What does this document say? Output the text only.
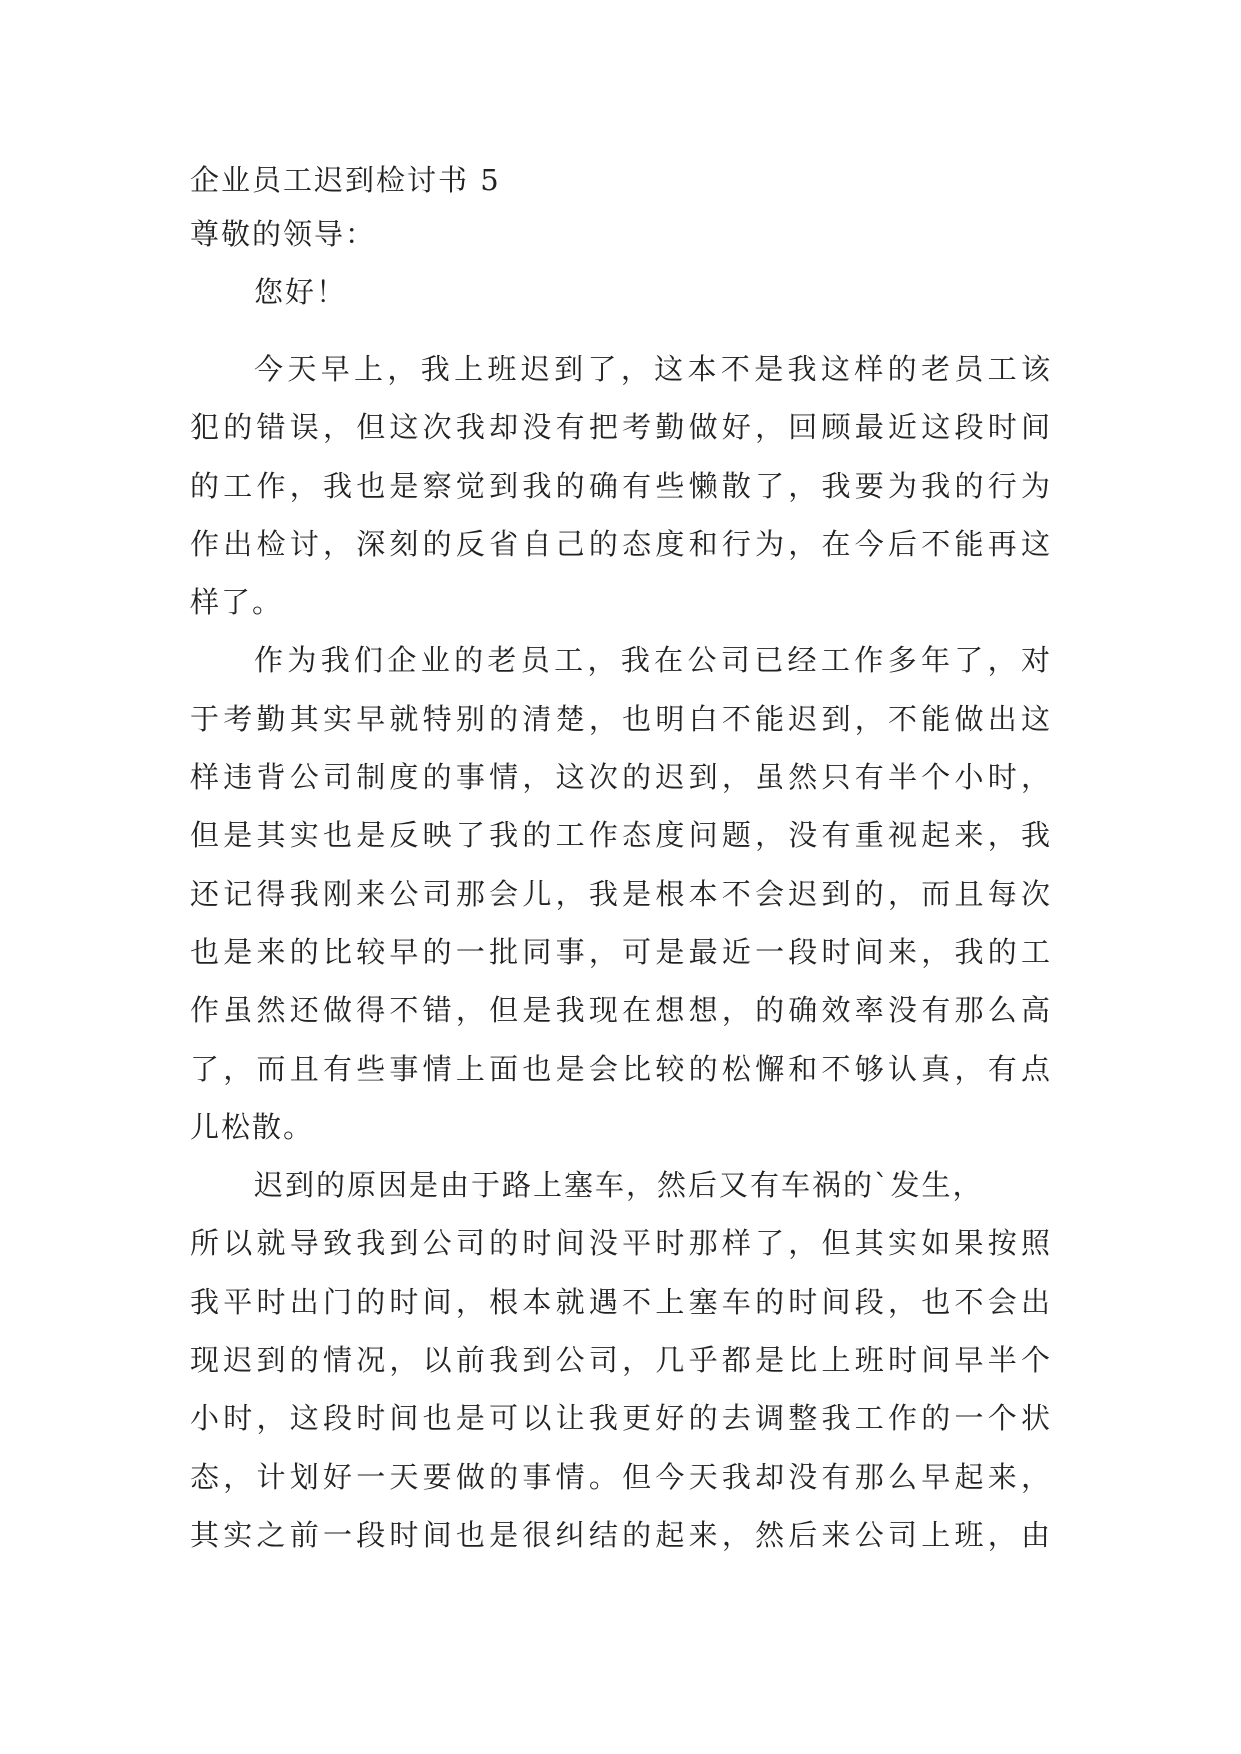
企业员工迟到检讨书 5
尊敬的领导：
您好！
今天早上，我上班迟到了，这本不是我这样的老员工该
犯的错误，但这次我却没有把考勤做好，回顾最近这段时间
的工作，我也是察觉到我的确有些懒散了，我要为我的行为
作出检讨，深刻的反省自己的态度和行为，在今后不能再这
样了。
作为我们企业的老员工，我在公司已经工作多年了，对
于考勤其实早就特别的清楚，也明白不能迟到，不能做出这
样违背公司制度的事情，这次的迟到，虽然只有半个小时，
但是其实也是反映了我的工作态度问题，没有重视起来，我
还记得我刚来公司那会儿，我是根本不会迟到的，而且每次
也是来的比较早的一批同事，可是最近一段时间来，我的工
作虽然还做得不错，但是我现在想想，的确效率没有那么高
了，而且有些事情上面也是会比较的松懈和不够认真，有点
儿松散。
迟到的原因是由于路上塞车，然后又有车祸的`发生，
所以就导致我到公司的时间没平时那样了，但其实如果按照
我平时出门的时间，根本就遇不上塞车的时间段，也不会出
现迟到的情况，以前我到公司，几乎都是比上班时间早半个
小时，这段时间也是可以让我更好的去调整我工作的一个状
态，计划好一天要做的事情。但今天我却没有那么早起来，
其实之前一段时间也是很纠结的起来，然后来公司上班，由
